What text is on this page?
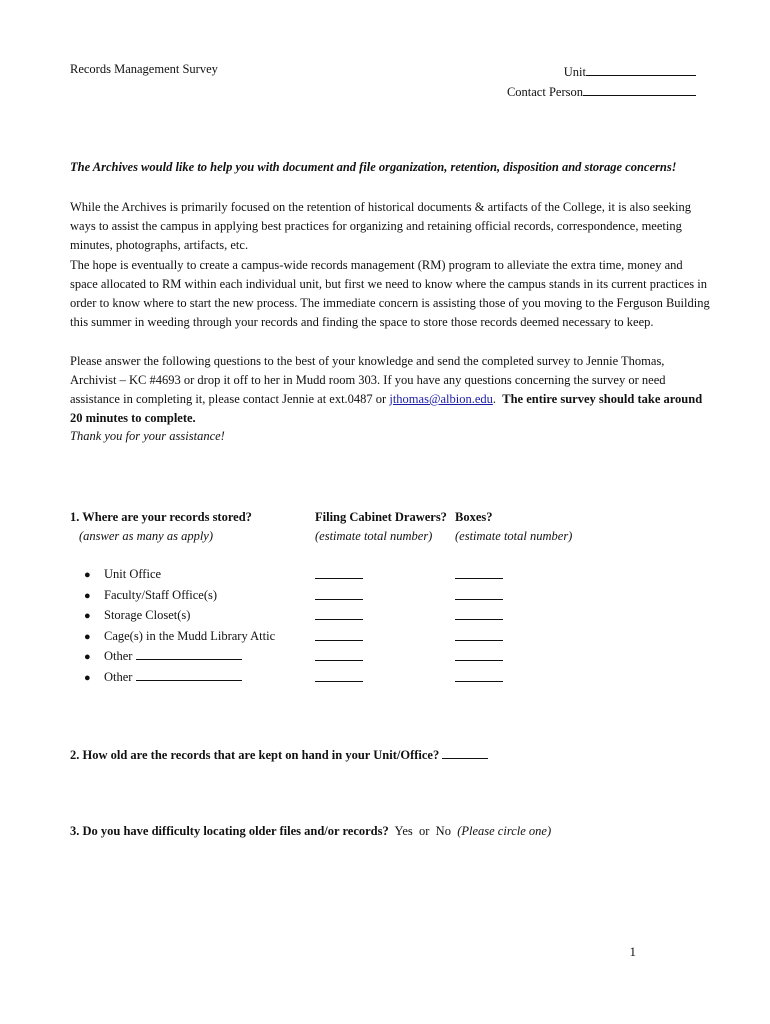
Records Management Survey	Unit
Contact Person
The Archives would like to help you with document and file organization, retention, disposition and storage concerns!
While the Archives is primarily focused on the retention of historical documents & artifacts of the College, it is also seeking ways to assist the campus in applying best practices for organizing and retaining official records, correspondence, meeting minutes, photographs, artifacts, etc.
The hope is eventually to create a campus-wide records management (RM) program to alleviate the extra time, money and space allocated to RM within each individual unit, but first we need to know where the campus stands in its current practices in order to know where to start the new process. The immediate concern is assisting those of you moving to the Ferguson Building this summer in weeding through your records and finding the space to store those records deemed necessary to keep.
Please answer the following questions to the best of your knowledge and send the completed survey to Jennie Thomas, Archivist – KC #4693 or drop it off to her in Mudd room 303. If you have any questions concerning the survey or need assistance in completing it, please contact Jennie at ext.0487 or jthomas@albion.edu. The entire survey should take around 20 minutes to complete.
Thank you for your assistance!
1. Where are your records stored?
(answer as many as apply)
Filing Cabinet Drawers?
(estimate total number)
Boxes?
(estimate total number)
● Unit Office
● Faculty/Staff Office(s)
● Storage Closet(s)
● Cage(s) in the Mudd Library Attic
● Other
● Other
2. How old are the records that are kept on hand in your Unit/Office?
3. Do you have difficulty locating older files and/or records? Yes or No (Please circle one)
1
